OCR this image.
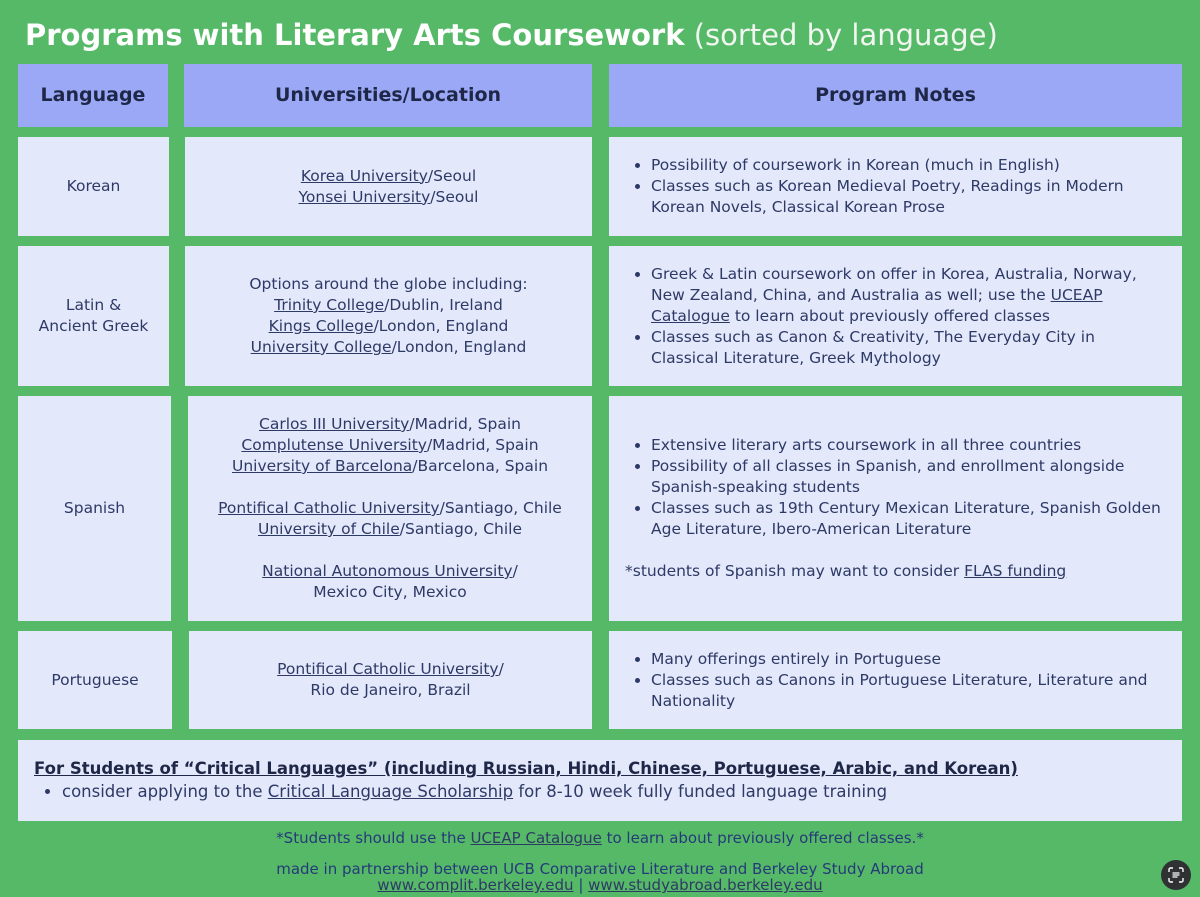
Programs with Literary Arts Coursework (sorted by language)
Language	Universities/Location	Program Notes
Korean
Korea University/Seoul
Yonsei University/Seoul
• Possibility of coursework in Korean (much in English)
• Classes such as Korean Medieval Poetry, Readings in Modern Korean Novels, Classical Korean Prose
Latin &
Ancient Greek
Options around the globe including:
Trinity College/Dublin, Ireland
Kings College/London, England
University College/London, England
• Greek & Latin coursework on offer in Korea, Australia, Norway, New Zealand, China, and Australia as well; use the UCEAP Catalogue to learn about previously offered classes
• Classes such as Canon & Creativity, The Everyday City in Classical Literature, Greek Mythology
Spanish
Carlos III University/Madrid, Spain
Complutense University/Madrid, Spain
University of Barcelona/Barcelona, Spain
Pontifical Catholic University/Santiago, Chile
University of Chile/Santiago, Chile
National Autonomous University/
Mexico City, Mexico
• Extensive literary arts coursework in all three countries
• Possibility of all classes in Spanish, and enrollment alongside Spanish-speaking students
• Classes such as 19th Century Mexican Literature, Spanish Golden Age Literature, Ibero-American Literature
*students of Spanish may want to consider FLAS funding
Portuguese
Pontifical Catholic University/
Rio de Janeiro, Brazil
• Many offerings entirely in Portuguese
• Classes such as Canons in Portuguese Literature, Literature and Nationality
For Students of “Critical Languages” (including Russian, Hindi, Chinese, Portuguese, Arabic, and Korean)
• consider applying to the Critical Language Scholarship for 8-10 week fully funded language training
*Students should use the UCEAP Catalogue to learn about previously offered classes.*
made in partnership between UCB Comparative Literature and Berkeley Study Abroad
www.complit.berkeley.edu | www.studyabroad.berkeley.edu
